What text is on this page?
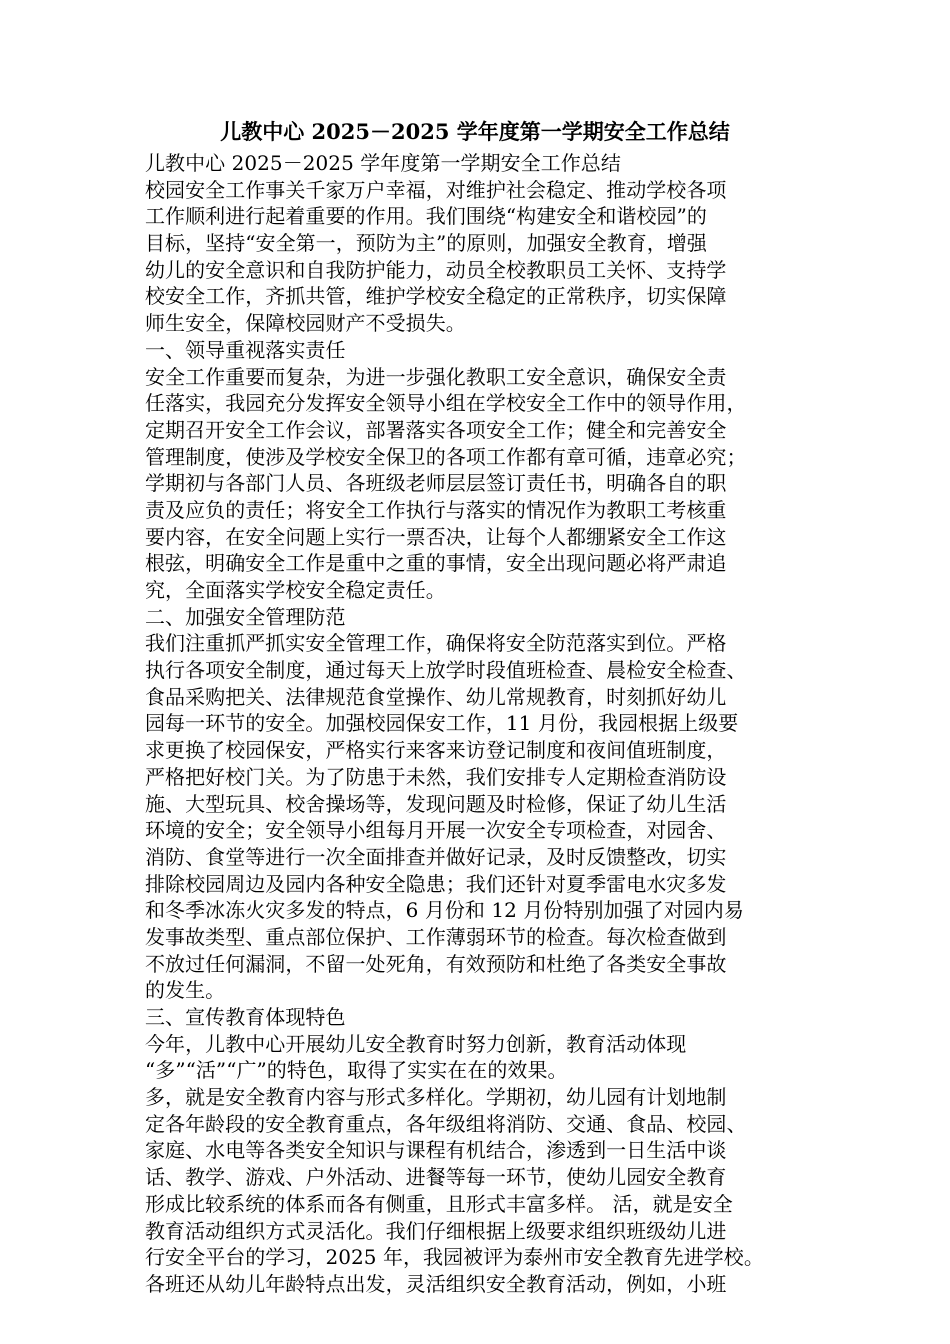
儿教中心 2025－2025 学年度第一学期安全工作总结
儿教中心 2025－2025 学年度第一学期安全工作总结
校园安全工作事关千家万户幸福，对维护社会稳定、推动学校各项
工作顺利进行起着重要的作用。我们围绕“构建安全和谐校园”的
目标，坚持“安全第一，预防为主”的原则，加强安全教育，增强
幼儿的安全意识和自我防护能力，动员全校教职员工关怀、支持学
校安全工作，齐抓共管，维护学校安全稳定的正常秩序，切实保障
师生安全，保障校园财产不受损失。
一、领导重视落实责任
安全工作重要而复杂，为进一步强化教职工安全意识，确保安全责
任落实，我园充分发挥安全领导小组在学校安全工作中的领导作用，
定期召开安全工作会议，部署落实各项安全工作；健全和完善安全
管理制度，使涉及学校安全保卫的各项工作都有章可循，违章必究；
学期初与各部门人员、各班级老师层层签订责任书，明确各自的职
责及应负的责任；将安全工作执行与落实的情况作为教职工考核重
要内容，在安全问题上实行一票否决，让每个人都绷紧安全工作这
根弦，明确安全工作是重中之重的事情，安全出现问题必将严肃追
究，全面落实学校安全稳定责任。
二、加强安全管理防范
我们注重抓严抓实安全管理工作，确保将安全防范落实到位。严格
执行各项安全制度，通过每天上放学时段值班检查、晨检安全检查、
食品采购把关、法律规范食堂操作、幼儿常规教育，时刻抓好幼儿
园每一环节的安全。加强校园保安工作，11 月份，我园根据上级要
求更换了校园保安，严格实行来客来访登记制度和夜间值班制度，
严格把好校门关。为了防患于未然，我们安排专人定期检查消防设
施、大型玩具、校舍操场等，发现问题及时检修，保证了幼儿生活
环境的安全；安全领导小组每月开展一次安全专项检查，对园舍、
消防、食堂等进行一次全面排查并做好记录，及时反馈整改，切实
排除校园周边及园内各种安全隐患；我们还针对夏季雷电水灾多发
和冬季冰冻火灾多发的特点，6 月份和 12 月份特别加强了对园内易
发事故类型、重点部位保护、工作薄弱环节的检查。每次检查做到
不放过任何漏洞，不留一处死角，有效预防和杜绝了各类安全事故
的发生。
三、宣传教育体现特色
今年，儿教中心开展幼儿安全教育时努力创新，教育活动体现
“多”“活”“广”的特色，取得了实实在在的效果。
多，就是安全教育内容与形式多样化。学期初，幼儿园有计划地制
定各年龄段的安全教育重点，各年级组将消防、交通、食品、校园、
家庭、水电等各类安全知识与课程有机结合，渗透到一日生活中谈
话、教学、游戏、户外活动、进餐等每一环节，使幼儿园安全教育
形成比较系统的体系而各有侧重，且形式丰富多样。 活，就是安全
教育活动组织方式灵活化。我们仔细根据上级要求组织班级幼儿进
行安全平台的学习，2025 年，我园被评为泰州市安全教育先进学校。
各班还从幼儿年龄特点出发，灵活组织安全教育活动，例如，小班
